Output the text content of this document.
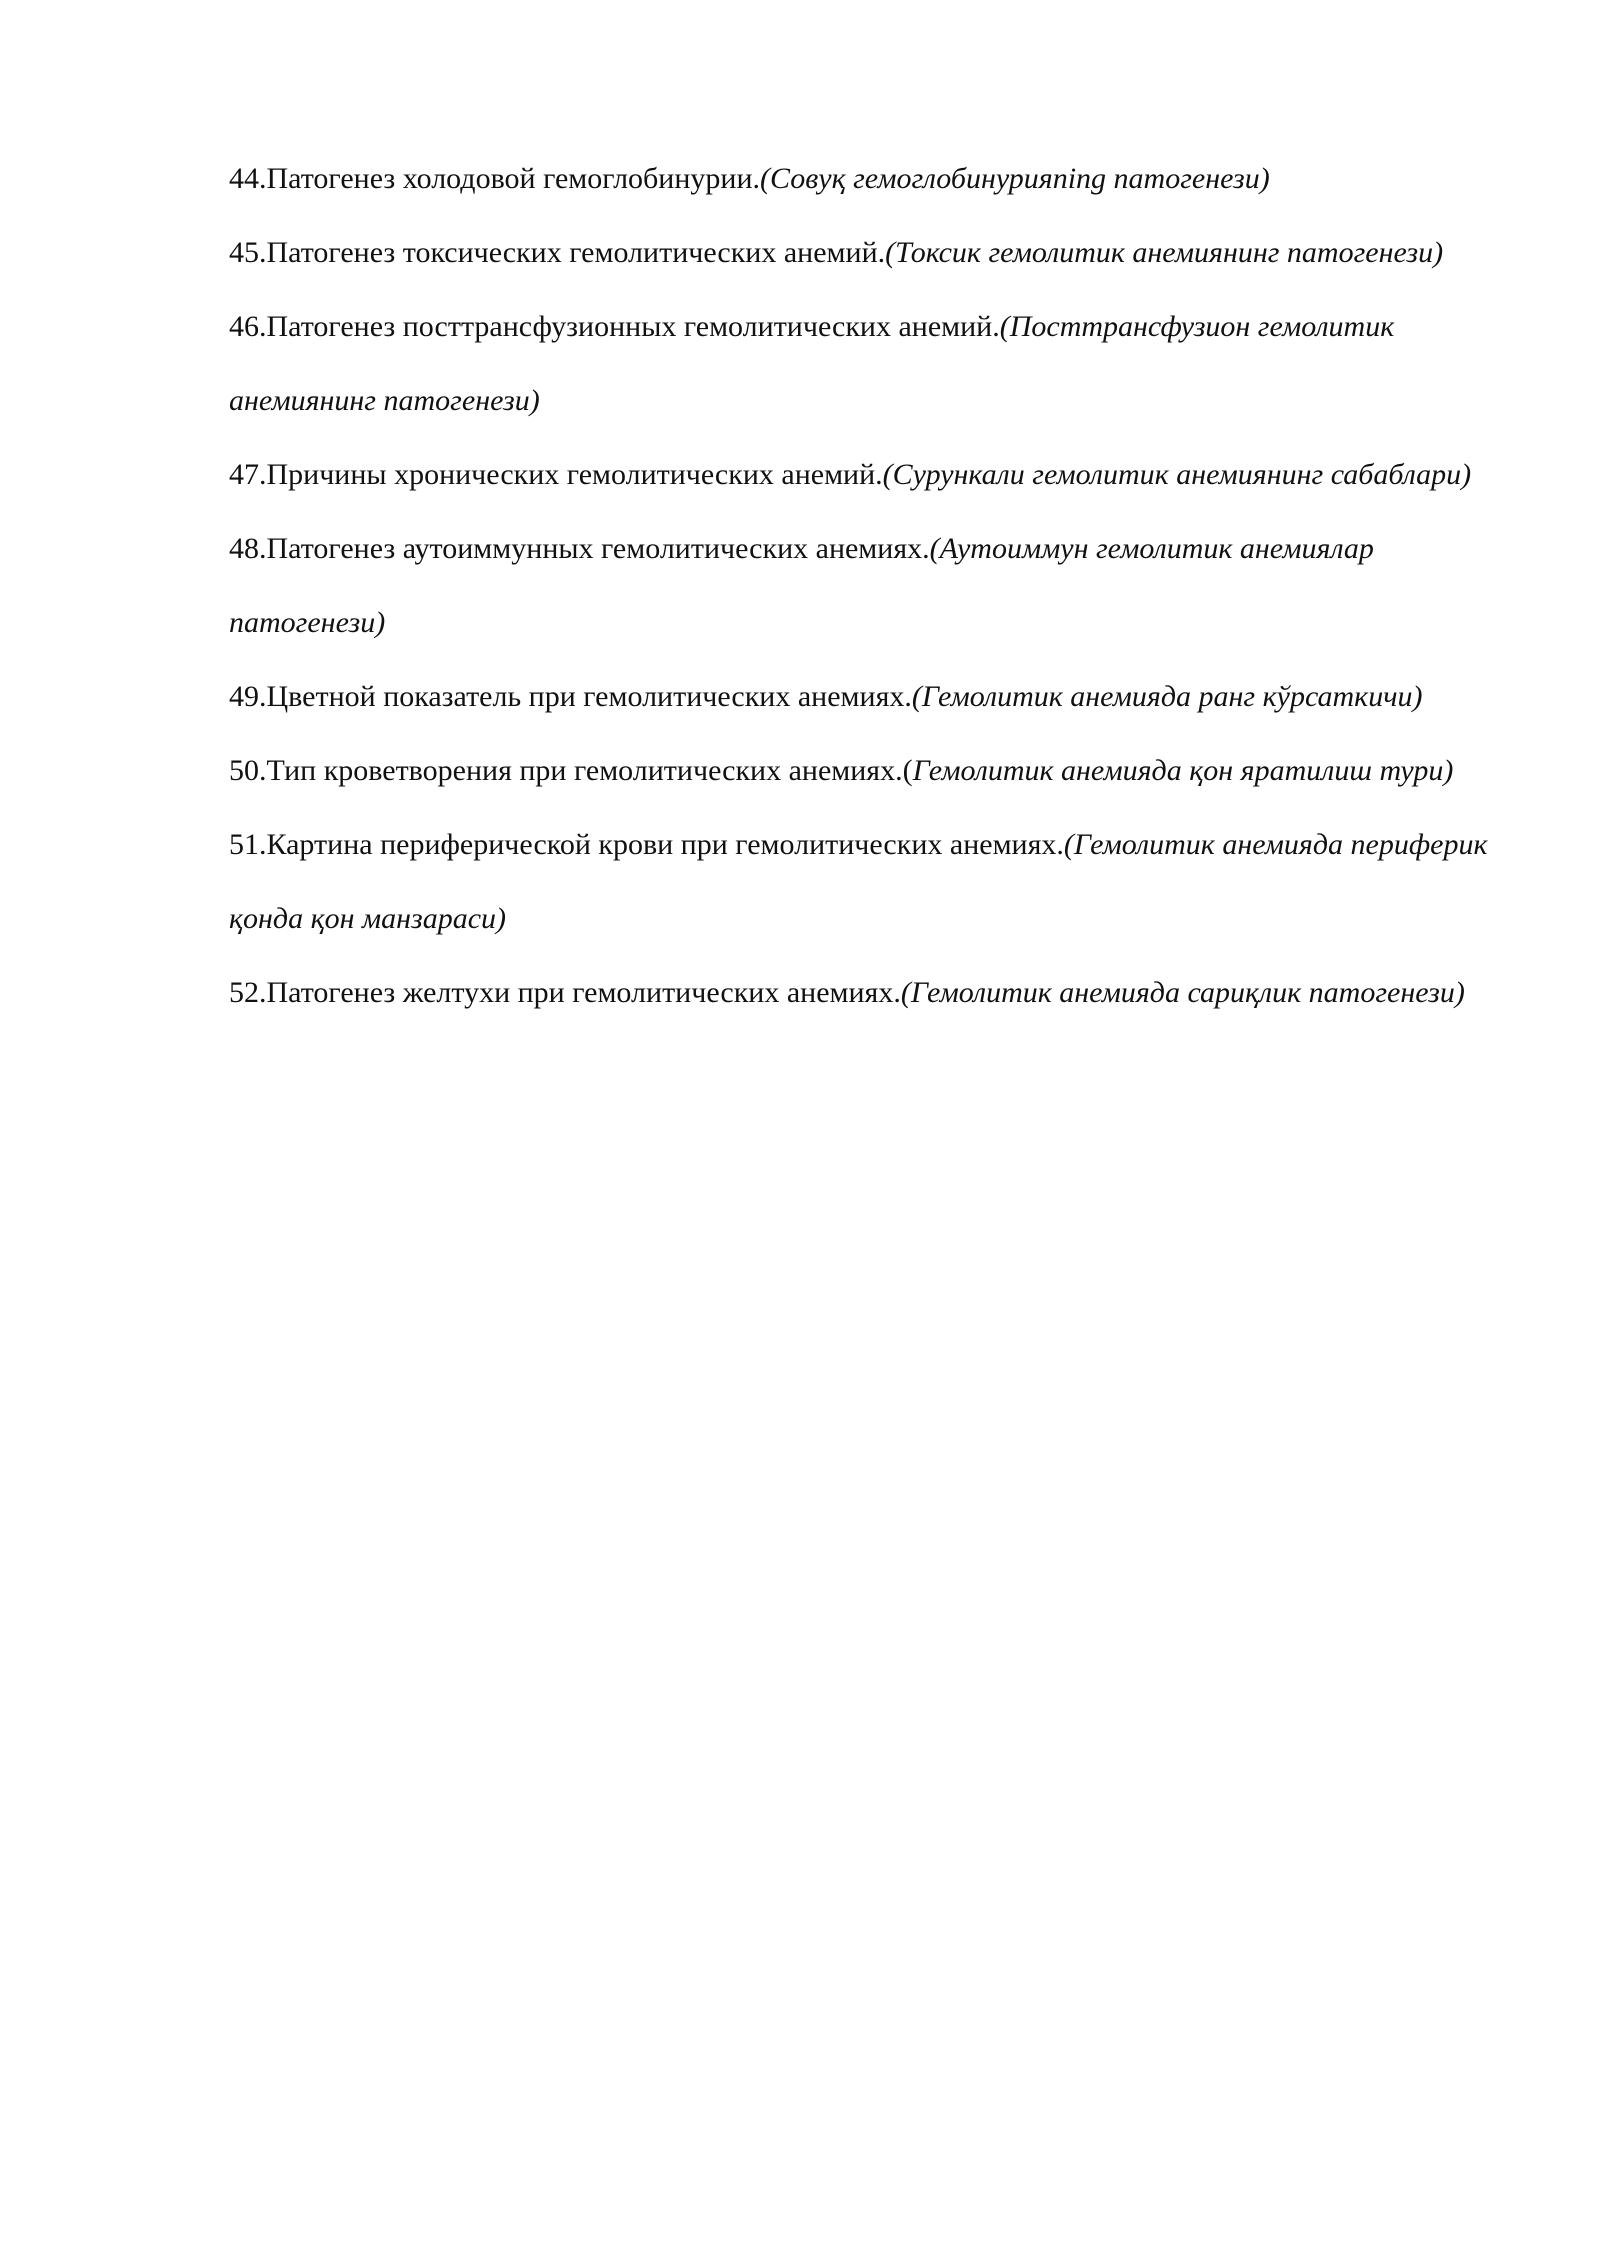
44.Патогенез холодовой гемоглобинурии.(Совуқ гемоглобинурияning патогенези)

45.Патогенез токсических гемолитических анемий.(Токсик гемолитик анемиянинг патогенези)

46.Патогенез посттрансфузионных гемолитических анемий.(Посттрансфузион гемолитик анемиянинг патогенези)

47.Причины хронических гемолитических анемий.(Сурункали гемолитик анемиянинг сабаблари)

48.Патогенез аутоиммунных гемолитических анемиях.(Аутоиммун гемолитик анемиялар патогенези)

49.Цветной показатель при гемолитических анемиях.(Гемолитик анемияда ранг кўрсаткичи)

50.Тип кроветворения при гемолитических анемиях.(Гемолитик анемияда қон яратилиш тури)

51.Картина периферической крови при гемолитических анемиях.(Гемолитик анемияда периферик қонда қон манзараси)

52.Патогенез желтухи при гемолитических анемиях.(Гемолитик анемияда сариқлик патогенези)
